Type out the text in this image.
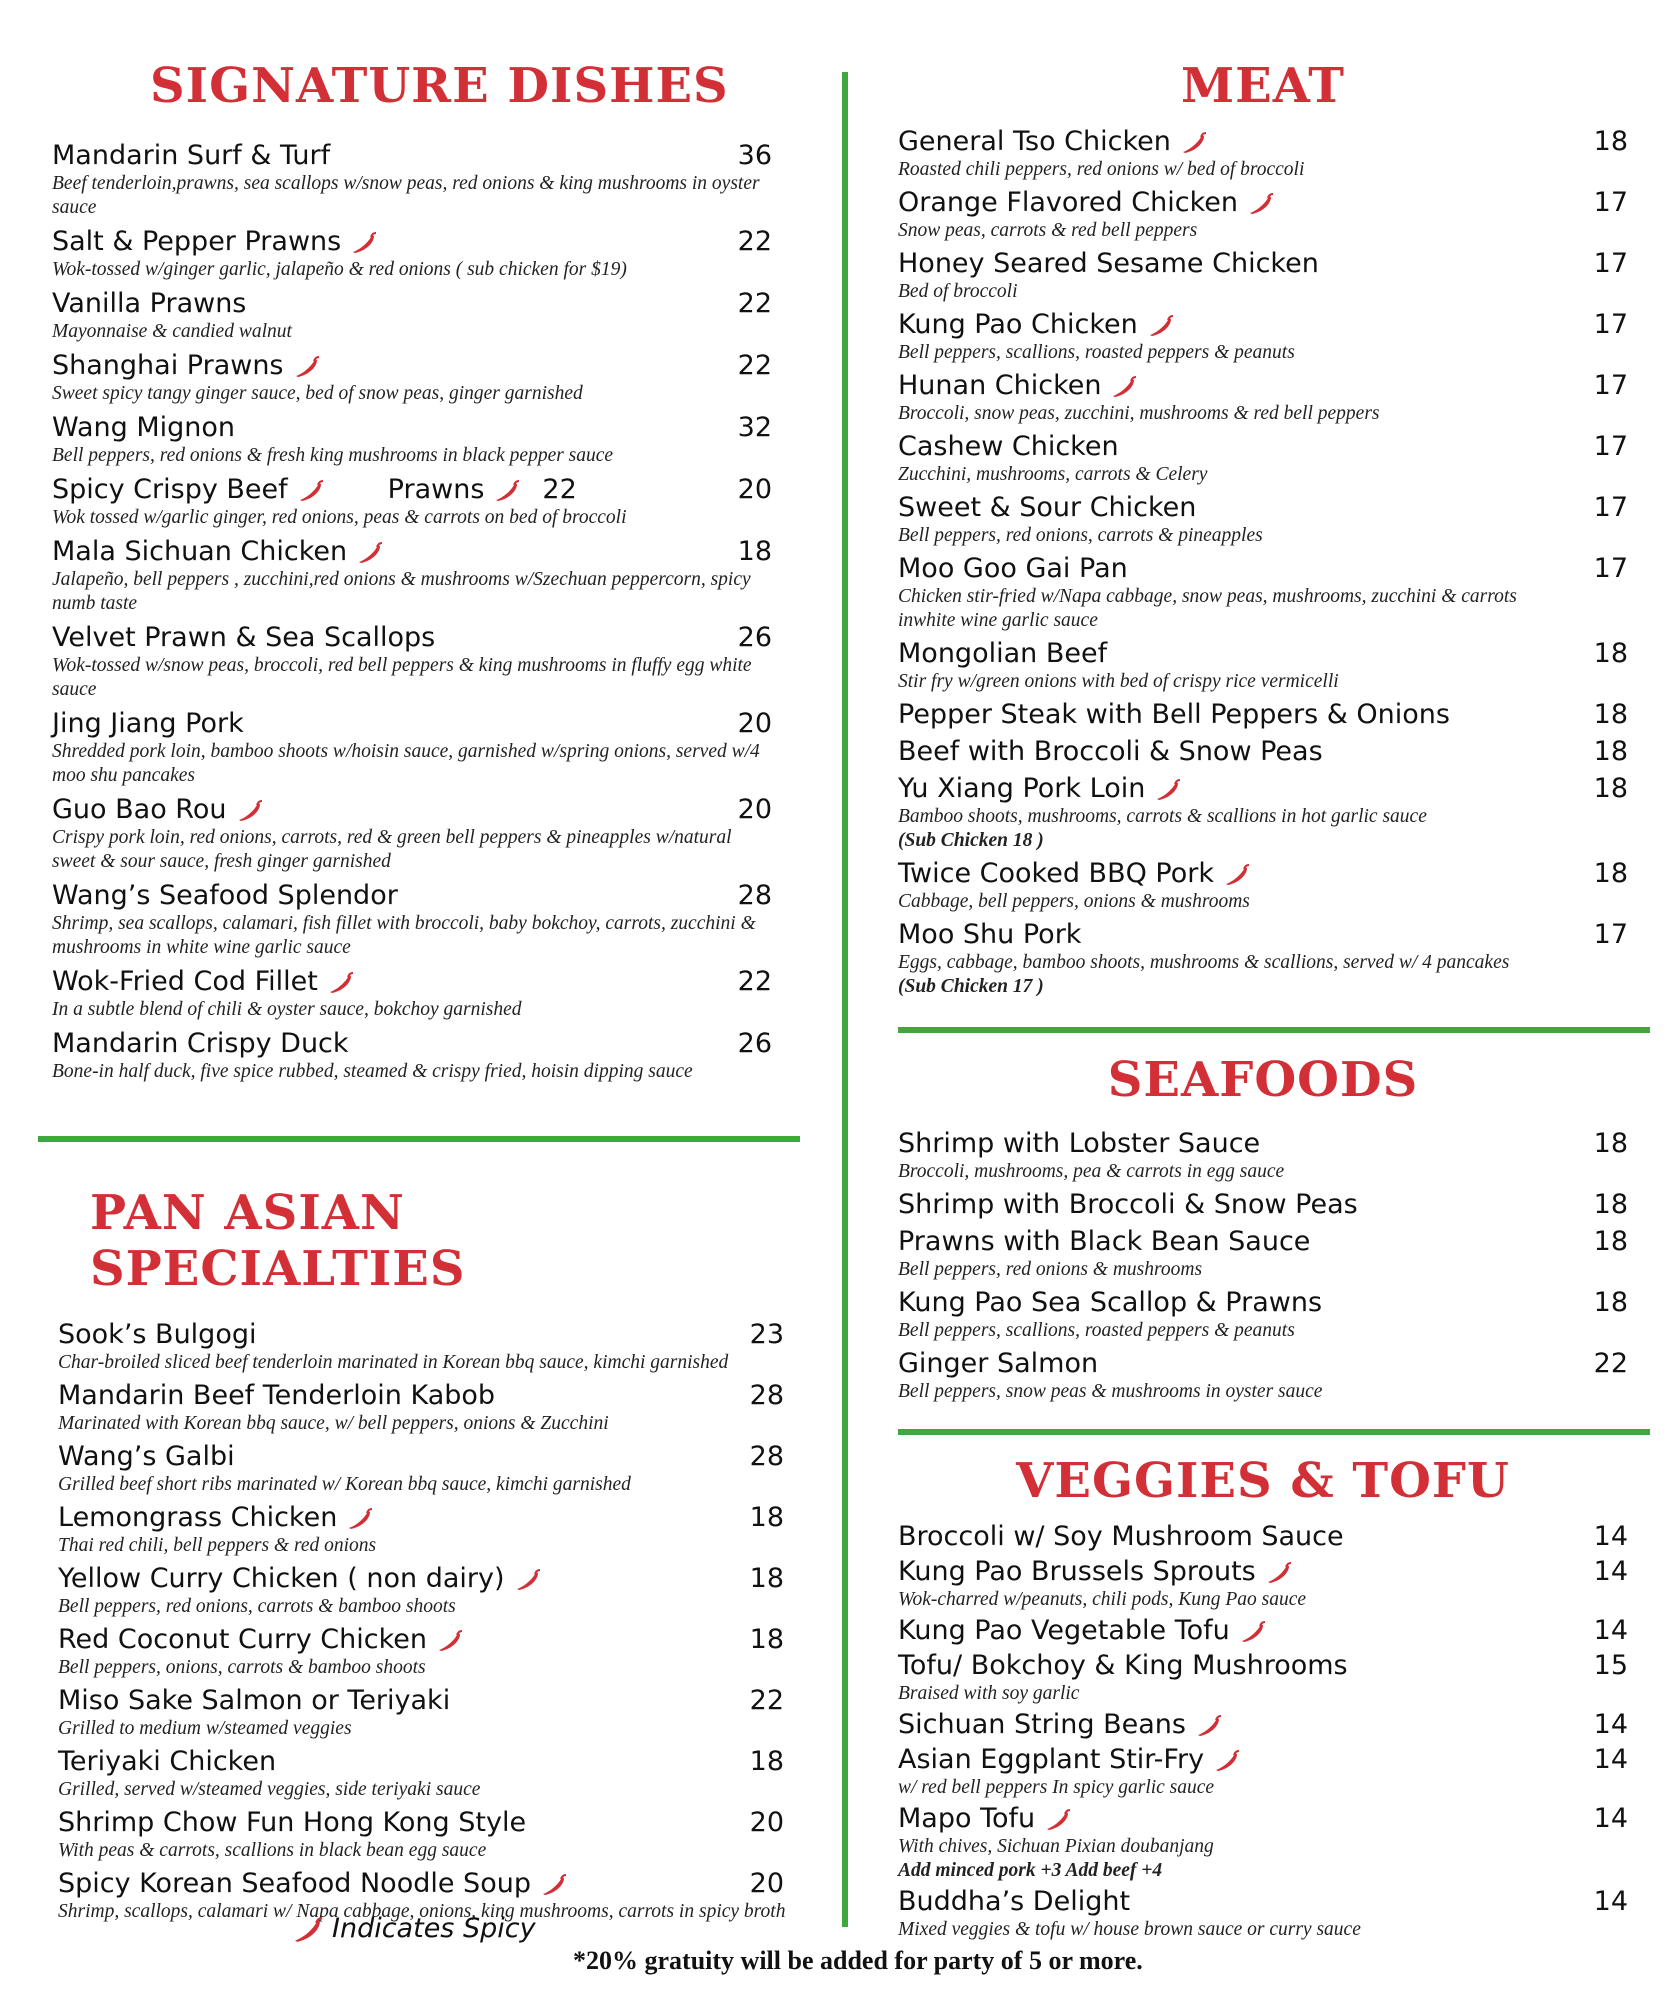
SIGNATURE DISHES
Mandarin Surf & Turf	36
Beef tenderloin,prawns, sea scallops w/snow peas, red onions & king mushrooms in oyster sauce
Salt & Pepper Prawns	22
Wok-tossed w/ginger garlic, jalapeño & red onions ( sub chicken for $19)
Vanilla Prawns	22
Mayonnaise & candied walnut
Shanghai Prawns	22
Sweet spicy tangy ginger sauce, bed of snow peas, ginger garnished
Wang Mignon	32
Bell peppers, red onions & fresh king mushrooms in black pepper sauce
Spicy Crispy Beef	Prawns 22	20
Wok tossed w/garlic ginger, red onions, peas & carrots on bed of broccoli
Mala Sichuan Chicken	18
Jalapeño, bell peppers , zucchini,red onions & mushrooms w/Szechuan peppercorn, spicy numb taste
Velvet Prawn & Sea Scallops	26
Wok-tossed w/snow peas, broccoli, red bell peppers & king mushrooms in fluffy egg white sauce
Jing Jiang Pork	20
Shredded pork loin, bamboo shoots w/hoisin sauce, garnished w/spring onions, served w/4 moo shu pancakes
Guo Bao Rou	20
Crispy pork loin, red onions, carrots, red & green bell peppers & pineapples w/natural sweet & sour sauce, fresh ginger garnished
Wang’s Seafood Splendor	28
Shrimp, sea scallops, calamari, fish fillet with broccoli, baby bokchoy, carrots, zucchini & mushrooms in white wine garlic sauce
Wok-Fried Cod Fillet	22
In a subtle blend of chili & oyster sauce, bokchoy garnished
Mandarin Crispy Duck	26
Bone-in half duck, five spice rubbed, steamed & crispy fried, hoisin dipping sauce
PAN ASIAN SPECIALTIES
Sook’s Bulgogi	23
Char-broiled sliced beef tenderloin marinated in Korean bbq sauce, kimchi garnished
Mandarin Beef Tenderloin Kabob	28
Marinated with Korean bbq sauce, w/ bell peppers, onions & Zucchini
Wang’s Galbi	28
Grilled beef short ribs marinated w/ Korean bbq sauce, kimchi garnished
Lemongrass Chicken	18
Thai red chili, bell peppers & red onions
Yellow Curry Chicken ( non dairy)	18
Bell peppers, red onions, carrots & bamboo shoots
Red Coconut Curry Chicken	18
Bell peppers, onions, carrots & bamboo shoots
Miso Sake Salmon or Teriyaki	22
Grilled to medium w/steamed veggies
Teriyaki Chicken	18
Grilled, served w/steamed veggies, side teriyaki sauce
Shrimp Chow Fun Hong Kong Style	20
With peas & carrots, scallions in black bean egg sauce
Spicy Korean Seafood Noodle Soup	20
Shrimp, scallops, calamari w/ Napa cabbage, onions, king mushrooms, carrots in spicy broth
Indicates Spicy
MEAT
General Tso Chicken	18
Roasted chili peppers, red onions w/ bed of broccoli
Orange Flavored Chicken	17
Snow peas, carrots & red bell peppers
Honey Seared Sesame Chicken	17
Bed of broccoli
Kung Pao Chicken	17
Bell peppers, scallions, roasted peppers & peanuts
Hunan Chicken	17
Broccoli, snow peas, zucchini, mushrooms & red bell peppers
Cashew Chicken	17
Zucchini, mushrooms, carrots & Celery
Sweet & Sour Chicken	17
Bell peppers, red onions, carrots & pineapples
Moo Goo Gai Pan	17
Chicken stir-fried w/Napa cabbage, snow peas, mushrooms, zucchini & carrots inwhite wine garlic sauce
Mongolian Beef	18
Stir fry w/green onions with bed of crispy rice vermicelli
Pepper Steak with Bell Peppers & Onions	18
Beef with Broccoli & Snow Peas	18
Yu Xiang Pork Loin	18
Bamboo shoots, mushrooms, carrots & scallions in hot garlic sauce
(Sub Chicken 18 )
Twice Cooked BBQ Pork	18
Cabbage, bell peppers, onions & mushrooms
Moo Shu Pork	17
Eggs, cabbage, bamboo shoots, mushrooms & scallions, served w/ 4 pancakes
(Sub Chicken 17 )
SEAFOODS
Shrimp with Lobster Sauce	18
Broccoli, mushrooms, pea & carrots in egg sauce
Shrimp with Broccoli & Snow Peas	18
Prawns with Black Bean Sauce	18
Bell peppers, red onions & mushrooms
Kung Pao Sea Scallop & Prawns	18
Bell peppers, scallions, roasted peppers & peanuts
Ginger Salmon	22
Bell peppers, snow peas & mushrooms in oyster sauce
VEGGIES & TOFU
Broccoli w/ Soy Mushroom Sauce	14
Kung Pao Brussels Sprouts	14
Wok-charred w/peanuts, chili pods, Kung Pao sauce
Kung Pao Vegetable Tofu	14
Tofu/ Bokchoy & King Mushrooms	15
Braised with soy garlic
Sichuan String Beans	14
Asian Eggplant Stir-Fry	14
w/ red bell peppers In spicy garlic sauce
Mapo Tofu	14
With chives, Sichuan Pixian doubanjang
Add minced pork +3 Add beef +4
Buddha’s Delight	14
Mixed veggies & tofu w/ house brown sauce or curry sauce
*20% gratuity will be added for party of 5 or more.
